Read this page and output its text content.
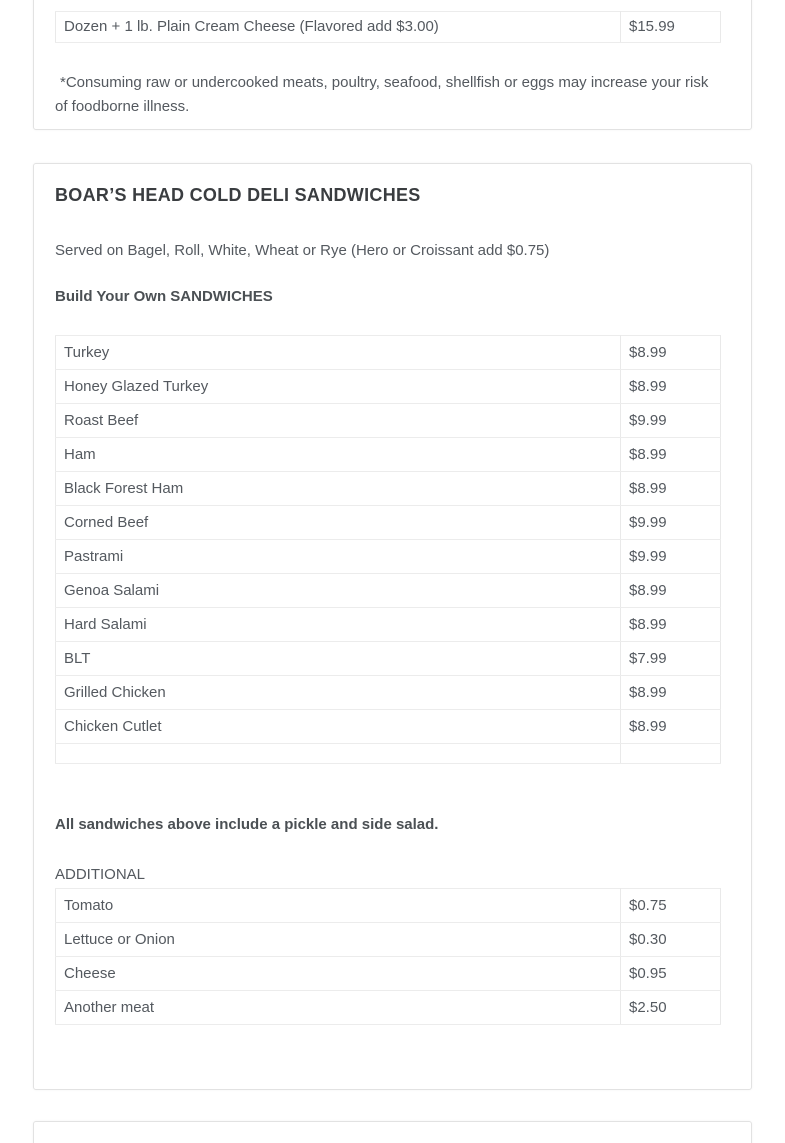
Dozen + 1 lb. Plain Cream Cheese (Flavored add $3.00)	$15.99

*Consuming raw or undercooked meats, poultry, seafood, shellfish or eggs may increase your risk of foodborne illness.

BOAR’S HEAD COLD DELI SANDWICHES

Served on Bagel, Roll, White, Wheat or Rye (Hero or Croissant add $0.75)

Build Your Own SANDWICHES

Turkey	$8.99
Honey Glazed Turkey	$8.99
Roast Beef	$9.99
Ham	$8.99
Black Forest Ham	$8.99
Corned Beef	$9.99
Pastrami	$9.99
Genoa Salami	$8.99
Hard Salami	$8.99
BLT	$7.99
Grilled Chicken	$8.99
Chicken Cutlet	$8.99

All sandwiches above include a pickle and side salad.

ADDITIONAL

Tomato	$0.75
Lettuce or Onion	$0.30
Cheese	$0.95
Another meat	$2.50
